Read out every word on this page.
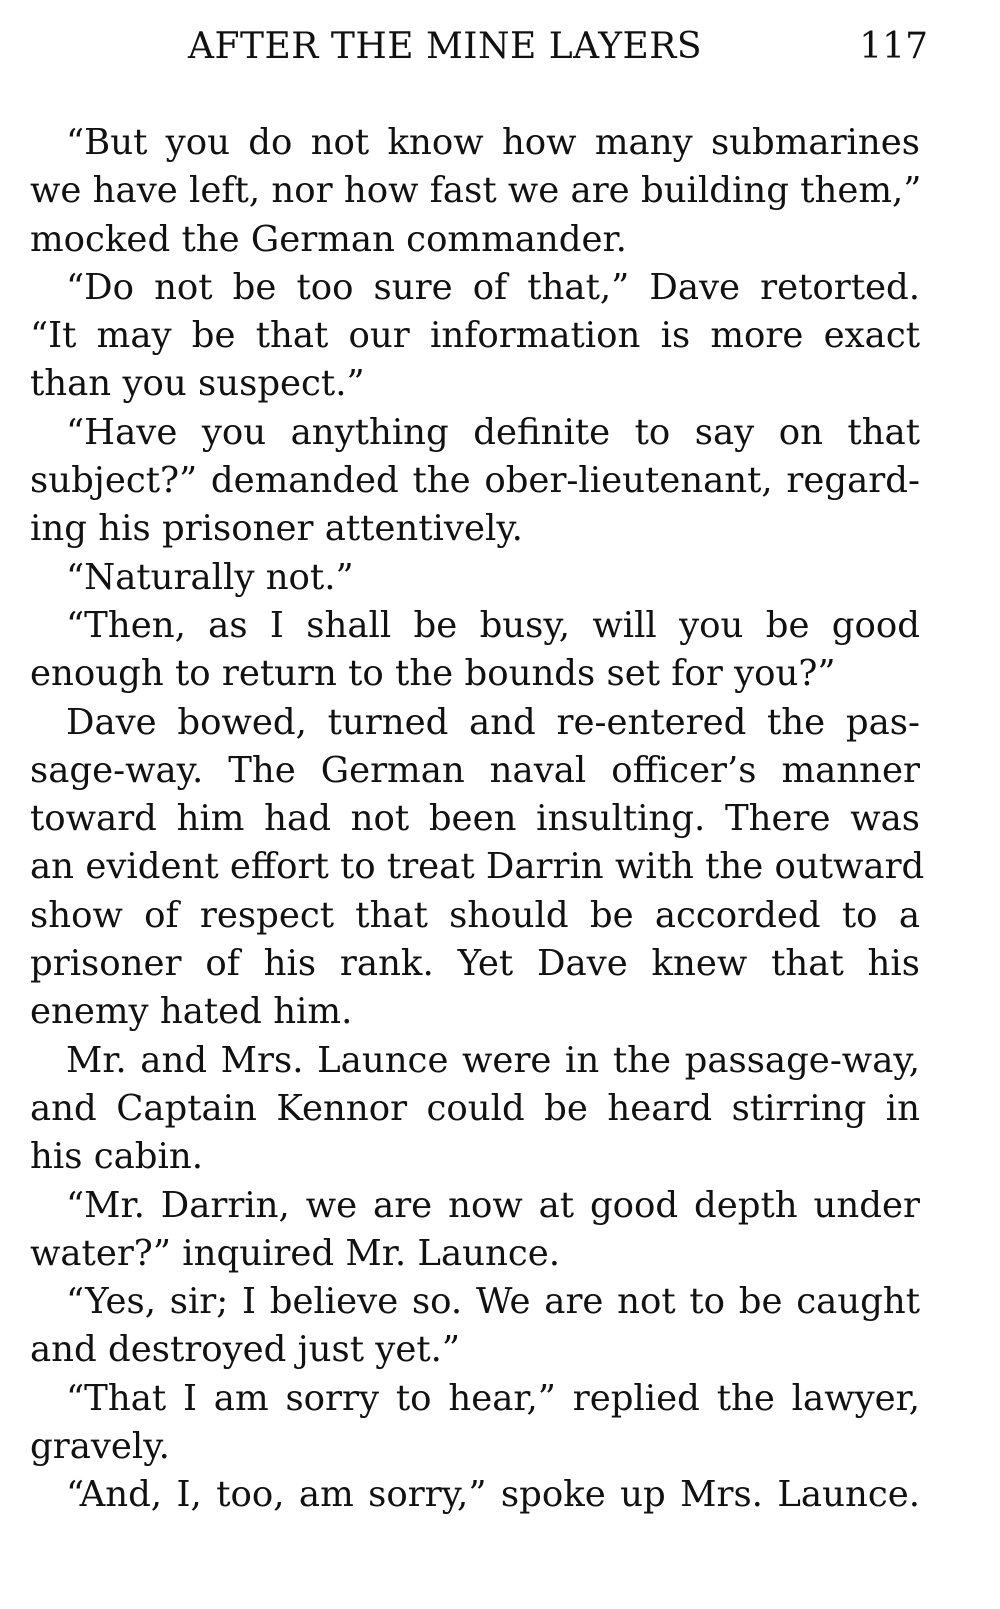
AFTER THE MINE LAYERS	117
“But you do not know how many submarines
we have left, nor how fast we are building them,”
mocked the German commander.
“Do not be too sure of that,” Dave retorted.
“It may be that our information is more exact
than you suspect.”
“Have you anything definite to say on that
subject?” demanded the ober-lieutenant, regard-
ing his prisoner attentively.
“Naturally not.”
“Then, as I shall be busy, will you be good
enough to return to the bounds set for you?”
Dave bowed, turned and re-entered the pas-
sage-way. The German naval officer’s manner
toward him had not been insulting. There was
an evident effort to treat Darrin with the outward
show of respect that should be accorded to a
prisoner of his rank. Yet Dave knew that his
enemy hated him.
Mr. and Mrs. Launce were in the passage-way,
and Captain Kennor could be heard stirring in
his cabin.
“Mr. Darrin, we are now at good depth under
water?” inquired Mr. Launce.
“Yes, sir; I believe so. We are not to be caught
and destroyed just yet.”
“That I am sorry to hear,” replied the lawyer,
gravely.
“And, I, too, am sorry,” spoke up Mrs. Launce.
